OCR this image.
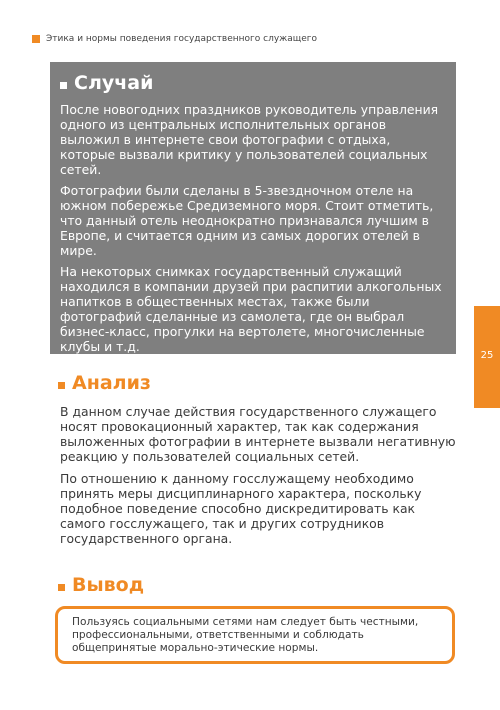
Этика и нормы поведения государственного служащего
Случай

После новогодних праздников руководитель управления одного из центральных исполнительных органов выложил в интернете свои фотографии с отдыха, которые вызвали критику у пользователей социальных сетей.

Фотографии были сделаны в 5-звездночном отеле на южном побережье Средиземного моря. Стоит отметить, что данный отель неоднократно признавался лучшим в Европе, и считается одним из самых дорогих отелей в мире.

На некоторых снимках государственный служащий находился в компании друзей при распитии алкогольных напитков в общественных местах, также были фотографий сделанные из самолета, где он выбрал бизнес-класс, прогулки на вертолете, многочисленные клубы и т.д.

25
Анализ

В данном случае действия государственного служащего носят провокационный характер, так как содержания выложенных фотографии в интернете вызвали негативную реакцию у пользователей социальных сетей.

По отношению к данному госслужащему необходимо принять меры дисциплинарного характера, поскольку подобное поведение способно дискредитировать как самого госслужащего, так и других сотрудников государственного органа.

Вывод

Пользуясь социальными сетями нам следует быть честными, профессиональными, ответственными и соблюдать общепринятые морально-этические нормы.
